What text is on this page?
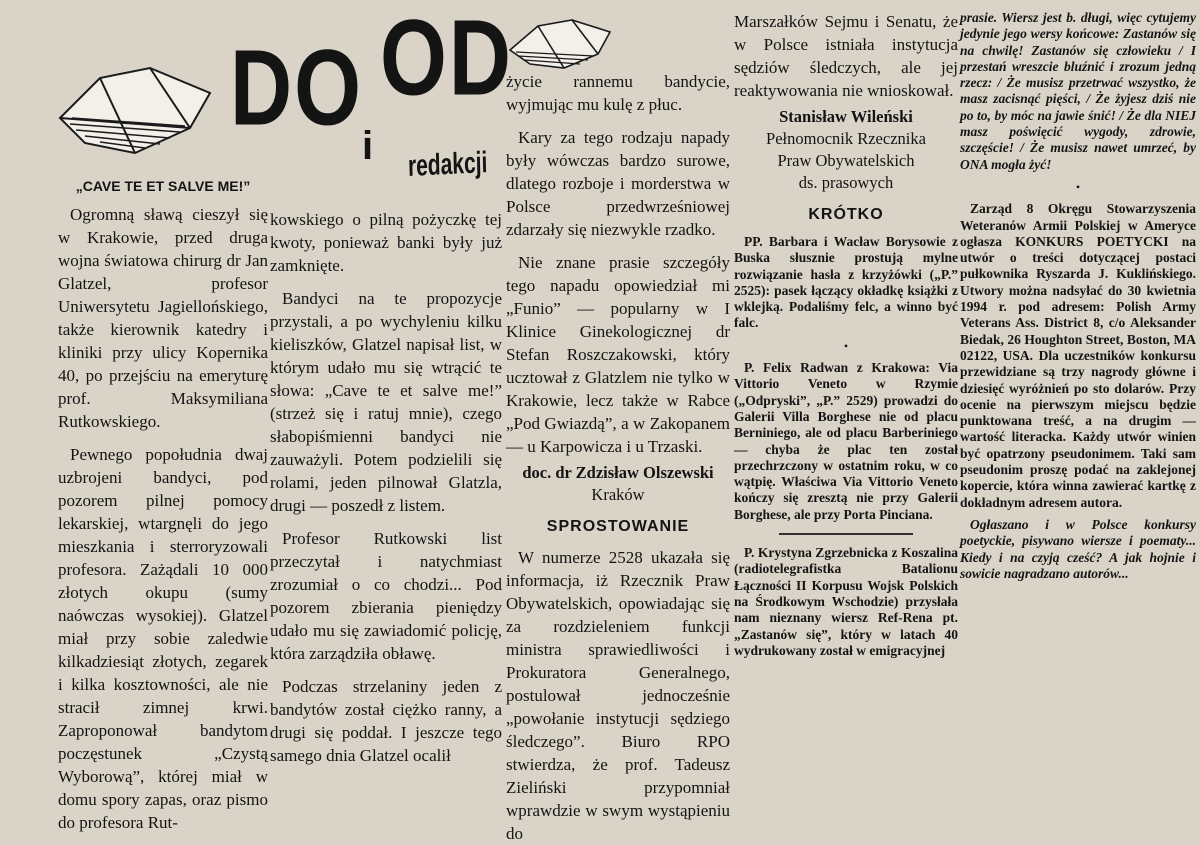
DO i
OD
redakcji
„CAVE TE ET SALVE ME!”

Ogromną sławą cieszył się w Krakowie, przed druga wojna światowa chirurg dr Jan Glatzel, profesor Uniwersytetu Jagiellońskiego, także kierownik katedry i kliniki przy ulicy Kopernika 40, po przejściu na emeryturę prof. Maksymiliana Rutkowskiego.

Pewnego popołudnia dwaj uzbrojeni bandyci, pod pozorem pilnej pomocy lekarskiej, wtargnęli do jego mieszkania i sterroryzowali profesora. Zażądali 10 000 złotych okupu (sumy naówczas wysokiej). Glatzel miał przy sobie zaledwie kilkadziesiąt złotych, zegarek i kilka kosztowności, ale nie stracił zimnej krwi. Zaproponował bandytom poczęstunek „Czystą Wyborową”, której miał w domu spory zapas, oraz pismo do profesora Rut-

kowskiego o pilną pożyczkę tej kwoty, ponieważ banki były już zamknięte.

Bandyci na te propozycje przystali, a po wychyleniu kilku kieliszków, Glatzel napisał list, w którym udało mu się wtrącić te słowa: „Cave te et salve me!” (strzeż się i ratuj mnie), czego słabopiśmienni bandyci nie zauważyli. Potem podzielili się rolami, jeden pilnował Glatzla, drugi — poszedł z listem.

Profesor Rutkowski list przeczytał i natychmiast zrozumiał o co chodzi... Pod pozorem zbierania pieniędzy udało mu się zawiadomić policję, która zarządziła obławę.

Podczas strzelaniny jeden z bandytów został ciężko ranny, a drugi się poddał. I jeszcze tego samego dnia Glatzel ocalił

życie rannemu bandycie, wyjmując mu kulę z płuc.

Kary za tego rodzaju napady były wówczas bardzo surowe, dlatego rozboje i morderstwa w Polsce przedwrześniowej zdarzały się niezwykle rzadko.

Nie znane prasie szczegóły tego napadu opowiedział mi „Funio” — popularny w I Klinice Ginekologicznej dr Stefan Roszczakowski, który ucztował z Glatzlem nie tylko w Krakowie, lecz także w Rabce „Pod Gwiazdą”, a w Zakopanem — u Karpowicza i u Trzaski.

doc. dr Zdzisław Olszewski
Kraków
SPROSTOWANIE

W numerze 2528 ukazała się informacja, iż Rzecznik Praw Obywatelskich, opowiadając się za rozdzieleniem funkcji ministra sprawiedliwości i Prokuratora Generalnego, postulował jednocześnie „powołanie instytucji sędziego śledczego”. Biuro RPO stwierdza, że prof. Tadeusz Zieliński przypomniał wprawdzie w swym wystąpieniu do

Marszałków Sejmu i Senatu, że w Polsce istniała instytucja sędziów śledczych, ale jej reaktywowania nie wnioskował.

Stanisław Wileński
Pełnomocnik Rzecznika
Praw Obywatelskich
ds. prasowych
KRÓTKO

PP. Barbara i Wacław Borysowie z Buska słusznie prostują mylne rozwiązanie hasła z krzyżówki („P.” 2525): pasek łączący okładkę książki z wklejką. Podaliśmy felc, a winno być falc.

•

P. Felix Radwan z Krakowa: Via Vittorio Veneto w Rzymie („Odpryski”, „P.” 2529) prowadzi do Galerii Villa Borghese nie od placu Berniniego, ale od placu Barberiniego — chyba że plac ten został przechrzczony w ostatnim roku, w co wątpię. Właściwa Via Vittorio Veneto kończy się zresztą nie przy Galerii Borghese, ale przy Porta Pinciana.

P. Krystyna Zgrzebnicka z Koszalina (radiotelegrafistka Batalionu Łączności II Korpusu Wojsk Polskich na Środkowym Wschodzie) przysłała nam nieznany wiersz Ref-Rena pt. „Zastanów się”, który w latach 40 wydrukowany został w emigracyjnej

prasie. Wiersz jest b. długi, więc cytujemy jedynie jego wersy końcowe: Zastanów się na chwilę! Zastanów się człowieku / I przestań wreszcie bluźnić i zrozum jedną rzecz: / Że musisz przetrwać wszystko, że masz zacisnąć pięści, / Że żyjesz dziś nie po to, by móc na jawie śnić! / Że dla NIEJ masz poświęcić wygody, zdrowie, szczęście! / Że musisz nawet umrzeć, by ONA mogła żyć!

•

Zarząd 8 Okręgu Stowarzyszenia Weteranów Armii Polskiej w Ameryce ogłasza KONKURS POETYCKI na utwór o treści dotyczącej postaci pułkownika Ryszarda J. Kuklińskiego. Utwory można nadsyłać do 30 kwietnia 1994 r. pod adresem: Polish Army Veterans Ass. District 8, c/o Aleksander Biedak, 26 Houghton Street, Boston, MA 02122, USA. Dla uczestników konkursu przewidziane są trzy nagrody główne i dziesięć wyróżnień po sto dolarów. Przy ocenie na pierwszym miejscu będzie punktowana treść, a na drugim — wartość literacka. Każdy utwór winien być opatrzony pseudonimem. Taki sam pseudonim proszę podać na zaklejonej kopercie, która winna zawierać kartkę z dokładnym adresem autora.

Ogłaszano i w Polsce konkursy poetyckie, pisywano wiersze i poematy... Kiedy i na czyją cześć? A jak hojnie i sowicie nagradzano autorów...
